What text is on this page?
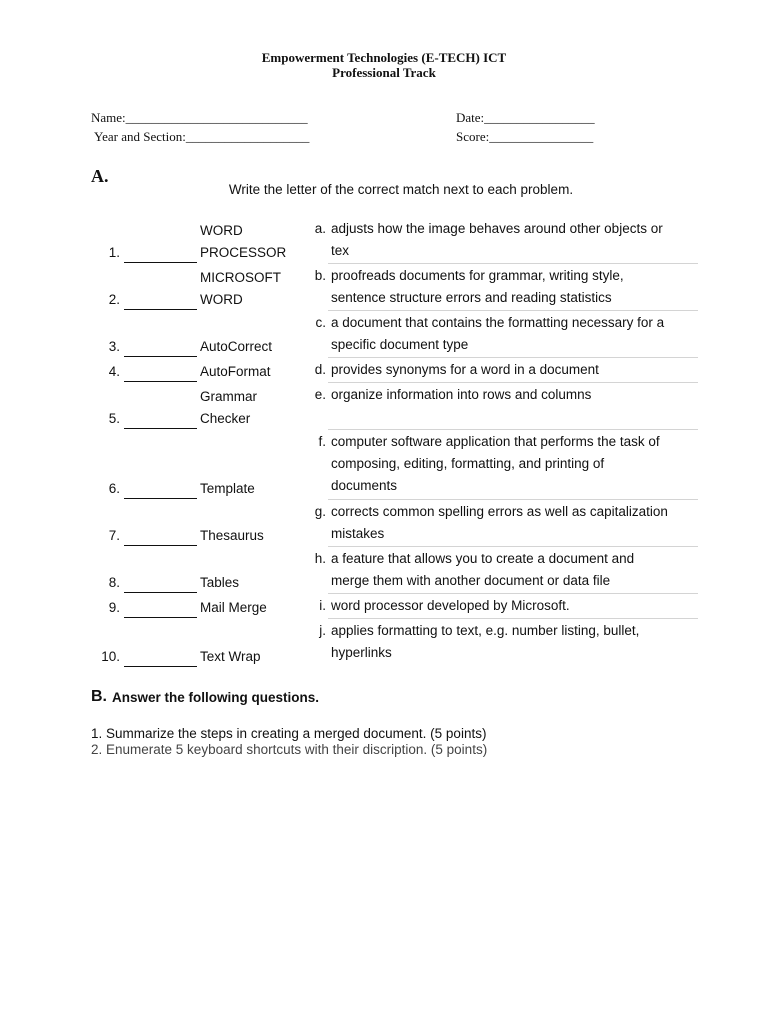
Empowerment Technologies (E-TECH) ICT
Professional Track
Name:____________________________	Date:_________________
Year and Section:___________________	Score:________________
A.
Write the letter of the correct match next to each problem.
1.
WORD
PROCESSOR
a. adjusts how the image behaves around other objects or
tex
2.
MICROSOFT
WORD
b. proofreads documents for grammar, writing style,
sentence structure errors and reading statistics
3.	AutoCorrect
c. a document that contains the formatting necessary for a
specific document type
4.	AutoFormat	d. provides synonyms for a word in a document
5.
Grammar
Checker
e. organize information into rows and columns
6.	Template
f. computer software application that performs the task of
composing, editing, formatting, and printing of
documents
7.	Thesaurus
g. corrects common spelling errors as well as capitalization
mistakes
8.	Tables
h. a feature that allows you to create a document and
merge them with another document or data file
9.	Mail Merge	i. word processor developed by Microsoft.
10.	Text Wrap
j. applies formatting to text, e.g. number listing, bullet,
hyperlinks
B. Answer the following questions.
1. Summarize the steps in creating a merged document. (5 points)
2. Enumerate 5 keyboard shortcuts with their discription. (5 points)
